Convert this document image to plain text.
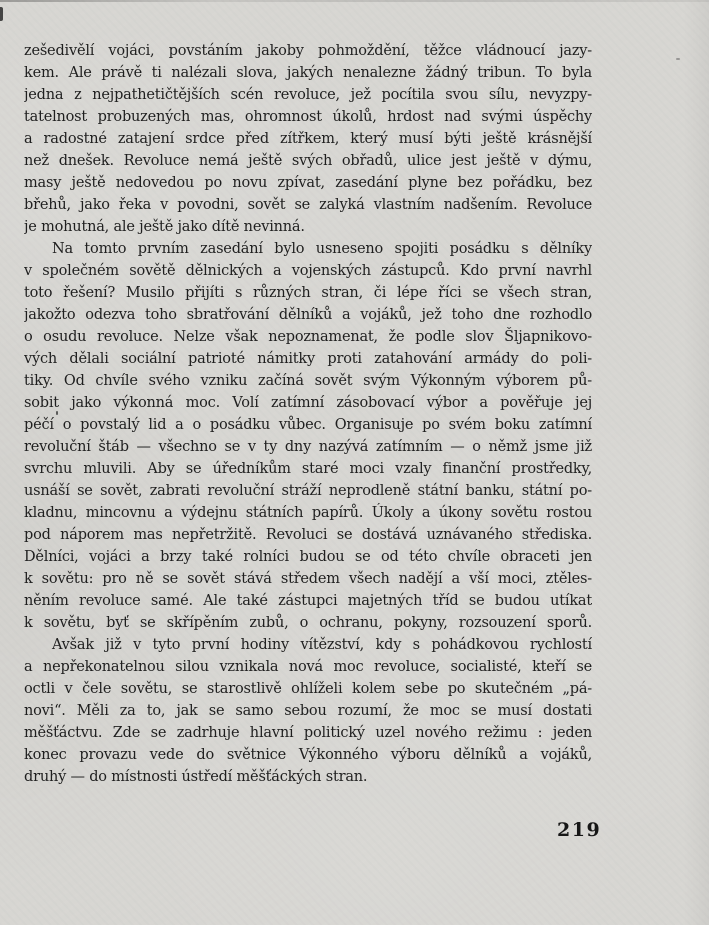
zešedivělí vojáci, povstáním jakoby pohmoždění, těžce vládnoucí jazy-
kem. Ale právě ti nalézali slova, jakých nenalezne žádný tribun. To byla
jedna z nejpathetičtějších scén revoluce, jež pocítila svou sílu, nevyzpy-
tatelnost probuzených mas, ohromnost úkolů, hrdost nad svými úspěchy
a radostné zatajení srdce před zítřkem, který musí býti ještě krásnější
než dnešek. Revoluce nemá ještě svých obřadů, ulice jest ještě v dýmu,
masy ještě nedovedou po novu zpívat, zasedání plyne bez pořádku, bez
břehů, jako řeka v povodni, sovět se zalyká vlastním nadšením. Revoluce
je mohutná, ale ještě jako dítě nevinná.
Na tomto prvním zasedání bylo usneseno spojiti posádku s dělníky
v společném sovětě dělnických a vojenských zástupců. Kdo první navrhl
toto řešení? Musilo přijíti s různých stran, či lépe říci se všech stran,
jakožto odezva toho sbratřování dělníků a vojáků, jež toho dne rozhodlo
o osudu revoluce. Nelze však nepoznamenat, že podle slov Šljapnikovo-
vých dělali sociální patrioté námitky proti zatahování armády do poli-
tiky. Od chvíle svého vzniku začíná sovět svým Výkonným výborem pů-
sobit jako výkonná moc. Volí zatímní zásobovací výbor a pověřuje jej
péčí o povstalý lid a o posádku vůbec. Organisuje po svém boku zatímní
revoluční štáb — všechno se v ty dny nazývá zatímním — o němž jsme již
svrchu mluvili. Aby se úředníkům staré moci vzaly finanční prostředky,
usnáší se sovět, zabrati revoluční stráží neprodleně státní banku, státní po-
kladnu, mincovnu a výdejnu státních papírů. Úkoly a úkony sovětu rostou
pod náporem mas nepřetržitě. Revoluci se dostává uznávaného střediska.
Dělníci, vojáci a brzy také rolníci budou se od této chvíle obraceti jen
k sovětu: pro ně se sovět stává středem všech nadějí a vší moci, ztěles-
něním revoluce samé. Ale také zástupci majetných tříd se budou utíkat
k sovětu, byť se skřípěním zubů, o ochranu, pokyny, rozsouzení sporů.
Avšak již v tyto první hodiny vítězství, kdy s pohádkovou rychlostí
a nepřekonatelnou silou vznikala nová moc revoluce, socialisté, kteří se
octli v čele sovětu, se starostlivě ohlíželi kolem sebe po skutečném „pá-
novi“. Měli za to, jak se samo sebou rozumí, že moc se musí dostati
měšťáctvu. Zde se zadrhuje hlavní politický uzel nového režimu : jeden
konec provazu vede do světnice Výkonného výboru dělníků a vojáků,
druhý — do místnosti ústředí měšťáckých stran.
219
